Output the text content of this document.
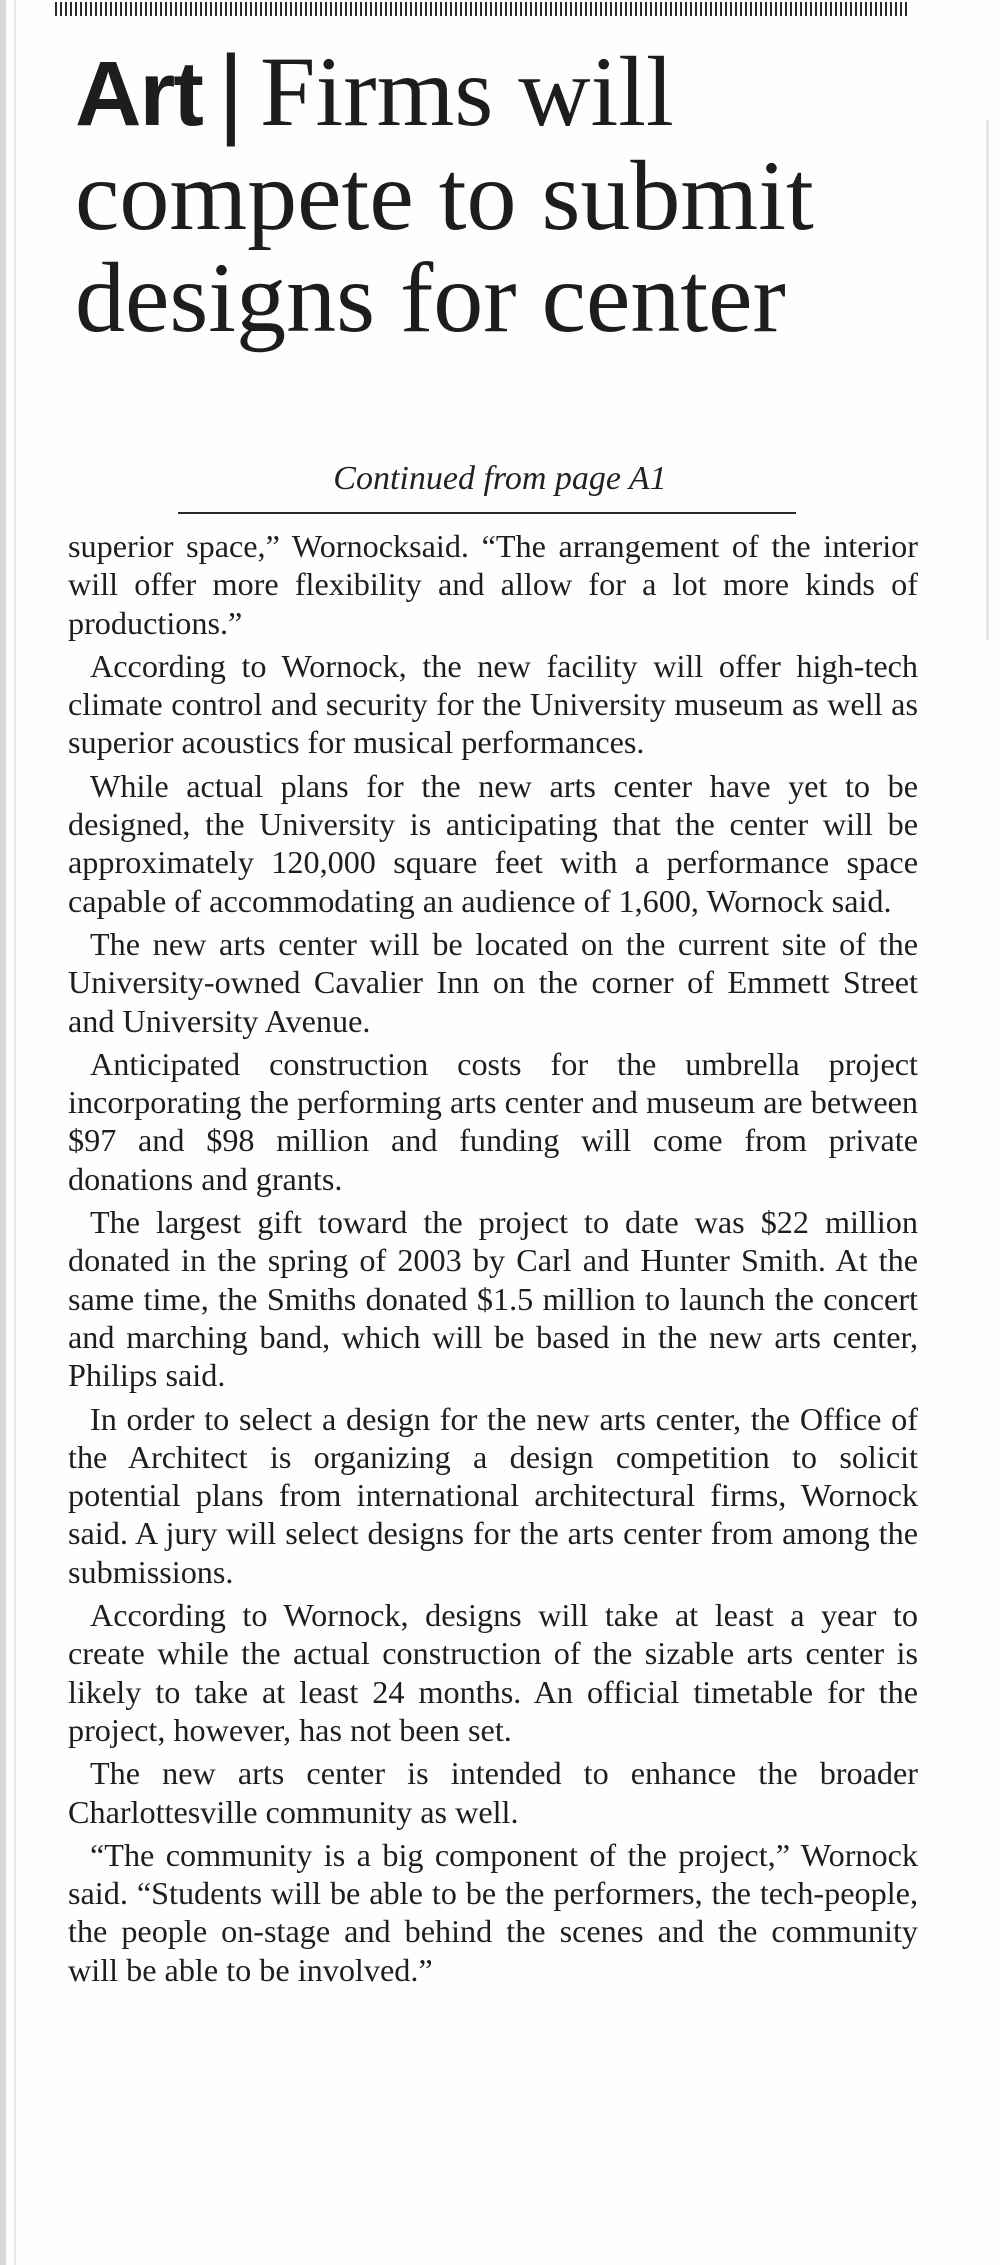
Art | Firms will compete to submit designs for center
Continued from page A1

superior space,” Wornocksaid. “The arrangement of the interior will offer more flexibility and allow for a lot more kinds of productions.”

According to Wornock, the new facility will offer high-tech climate control and security for the University museum as well as superior acoustics for musical performances.

While actual plans for the new arts center have yet to be designed, the University is anticipating that the center will be approximately 120,000 square feet with a performance space capable of accommodating an audience of 1,600, Wornock said.

The new arts center will be located on the current site of the University-owned Cavalier Inn on the corner of Emmett Street and University Avenue.

Anticipated construction costs for the umbrella project incorporating the performing arts center and museum are between $97 and $98 million and funding will come from private donations and grants.

The largest gift toward the project to date was $22 million donated in the spring of 2003 by Carl and Hunter Smith. At the same time, the Smiths donated $1.5 million to launch the concert and marching band, which will be based in the new arts center, Philips said.

In order to select a design for the new arts center, the Office of the Architect is organizing a design competition to solicit potential plans from international architectural firms, Wornock said. A jury will select designs for the arts center from among the submissions.

According to Wornock, designs will take at least a year to create while the actual construction of the sizable arts center is likely to take at least 24 months. An official timetable for the project, however, has not been set.

The new arts center is intended to enhance the broader Charlottesville community as well.

“The community is a big component of the project,” Wornock said. “Students will be able to be the performers, the tech-people, the people on-stage and behind the scenes and the community will be able to be involved.”
